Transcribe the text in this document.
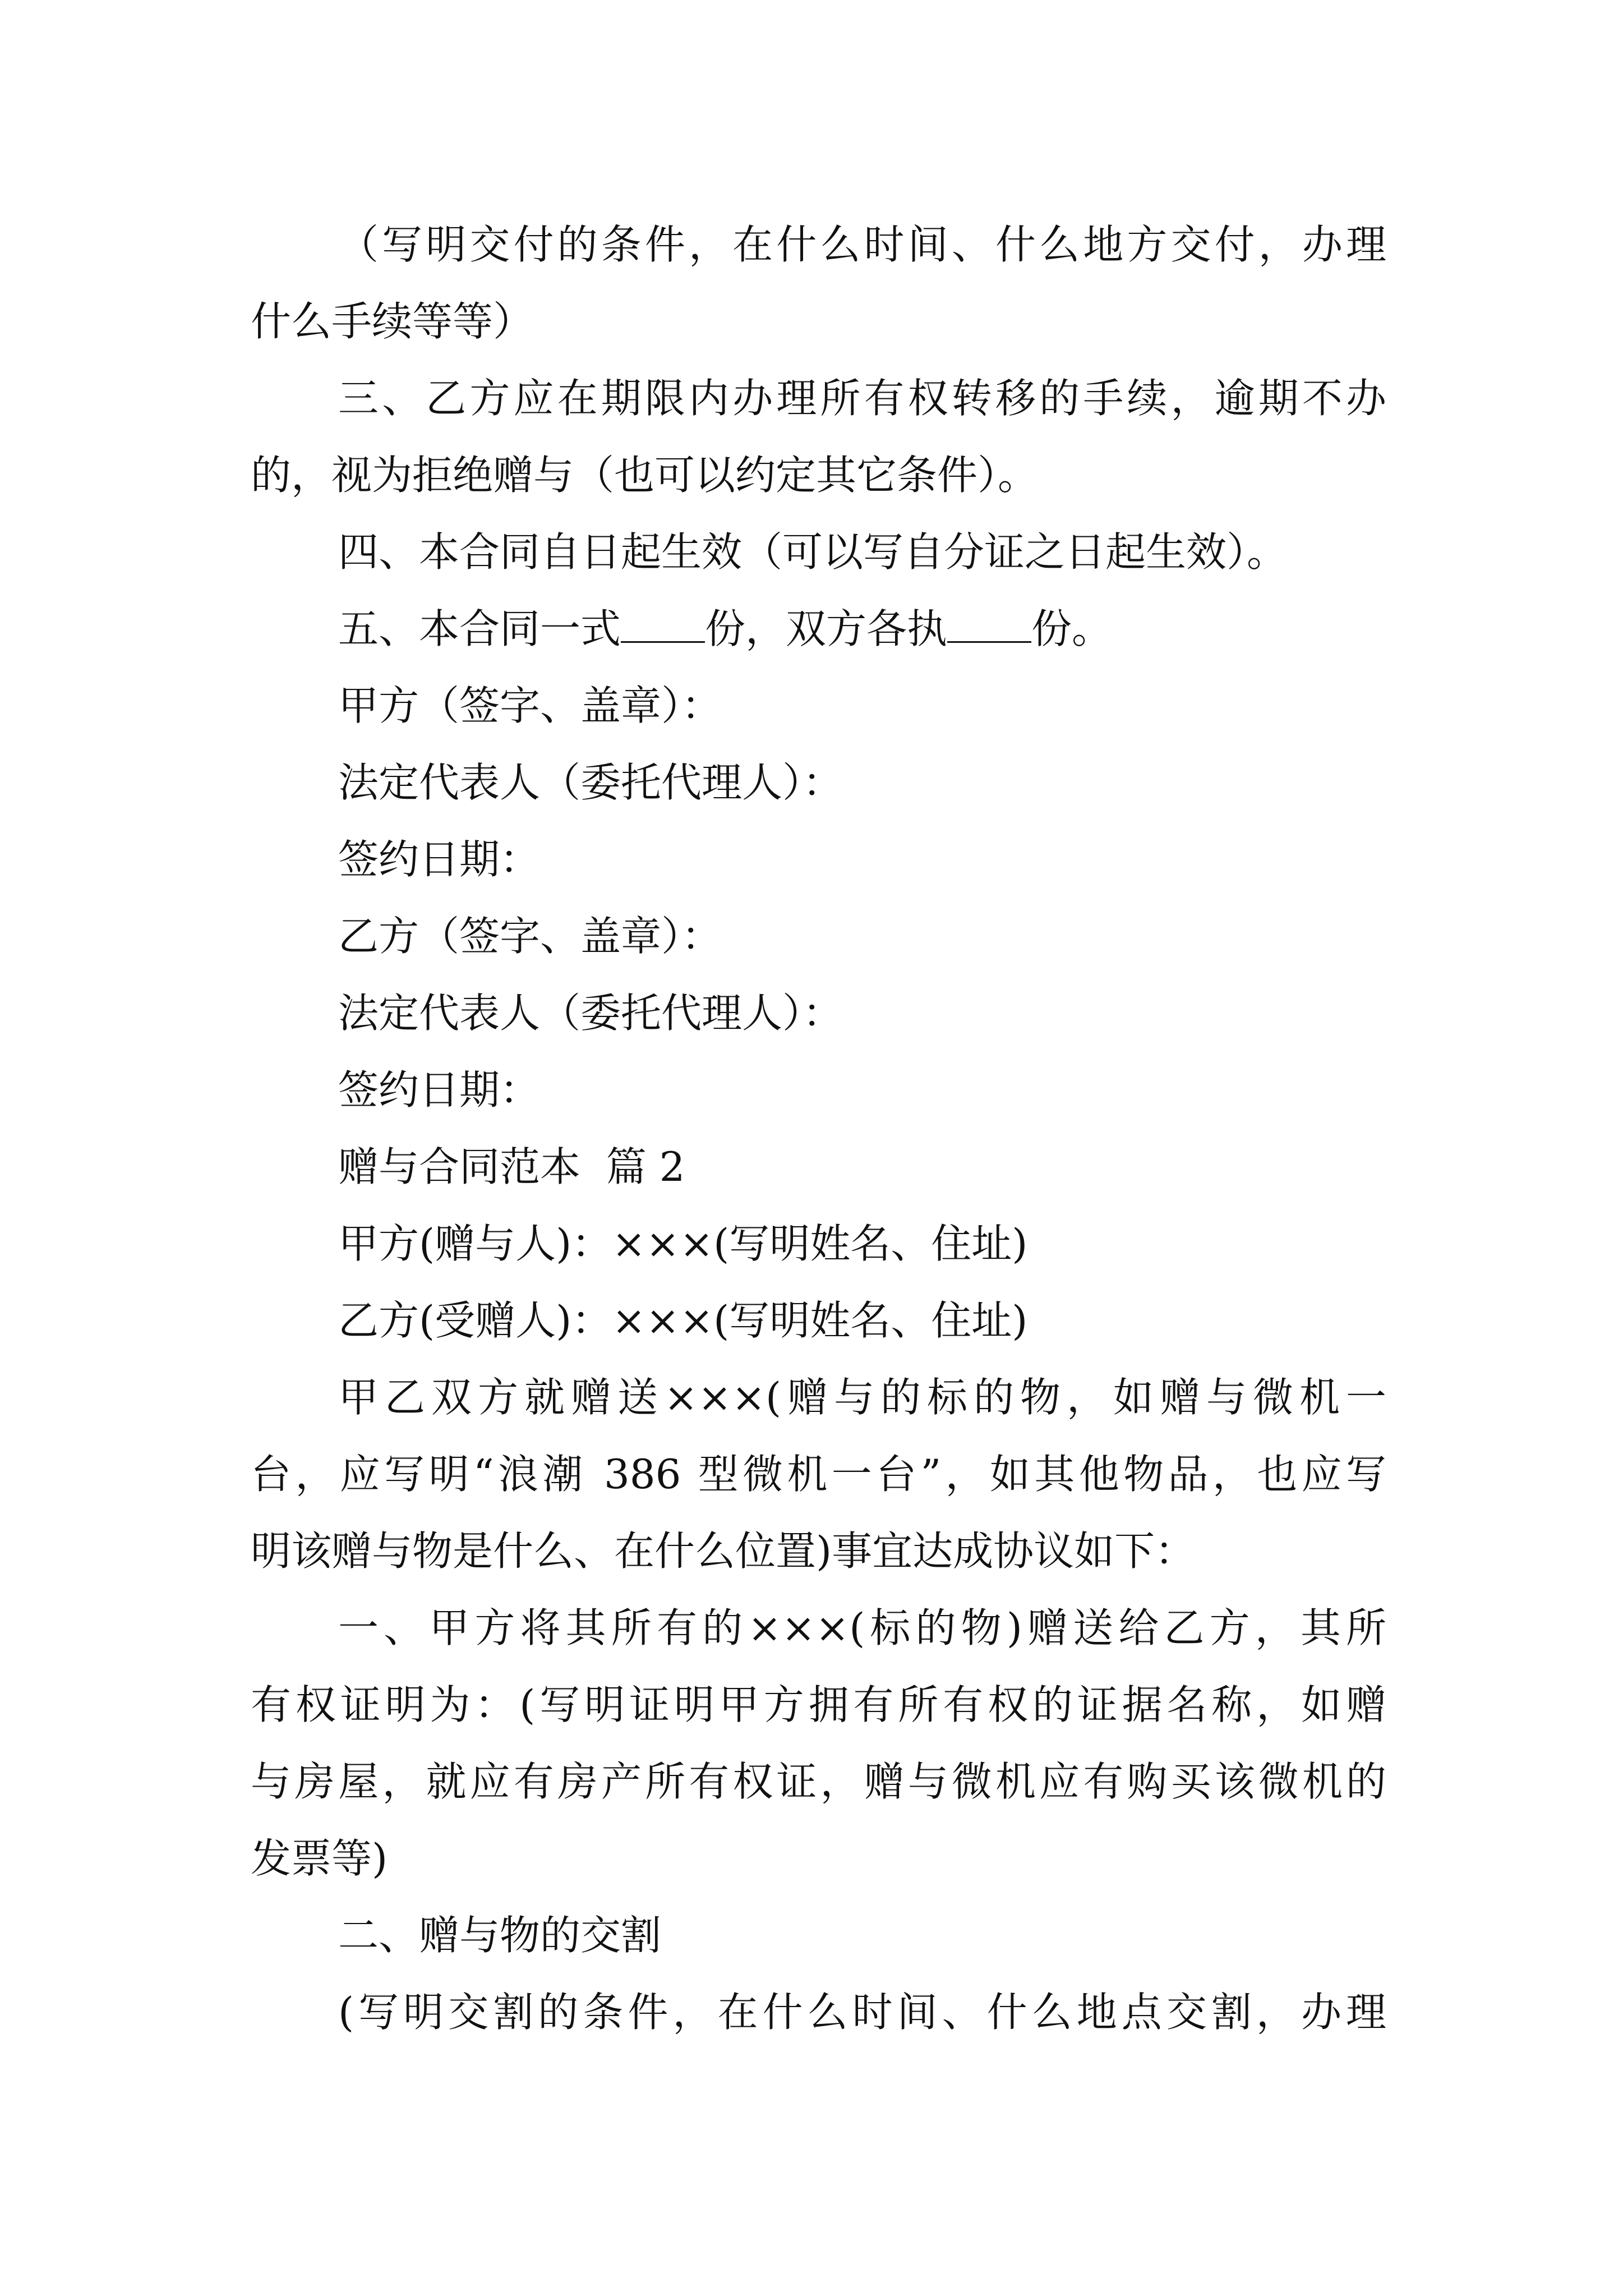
（写明交付的条件，在什么时间、什么地方交付，办理
什么手续等等）
三、乙方应在期限内办理所有权转移的手续，逾期不办
的，视为拒绝赠与（也可以约定其它条件）。
四、本合同自日起生效（可以写自分证之日起生效）。
五、本合同一式 份，双方各执 份。
甲方（签字、盖章）：
法定代表人（委托代理人）：
签约日期：
乙方（签字、盖章）：
法定代表人（委托代理人）：
签约日期：
赠与合同范本  篇 2
甲方(赠与人)：×××(写明姓名、住址)
乙方(受赠人)：×××(写明姓名、住址)
甲乙双方就赠送×××(赠与的标的物，如赠与微机一
台，应写明“浪潮 386 型微机一台”，如其他物品，也应写
明该赠与物是什么、在什么位置)事宜达成协议如下：
一、甲方将其所有的×××(标的物)赠送给乙方，其所
有权证明为：(写明证明甲方拥有所有权的证据名称，如赠
与房屋，就应有房产所有权证，赠与微机应有购买该微机的
发票等)
二、赠与物的交割
(写明交割的条件，在什么时间、什么地点交割，办理
